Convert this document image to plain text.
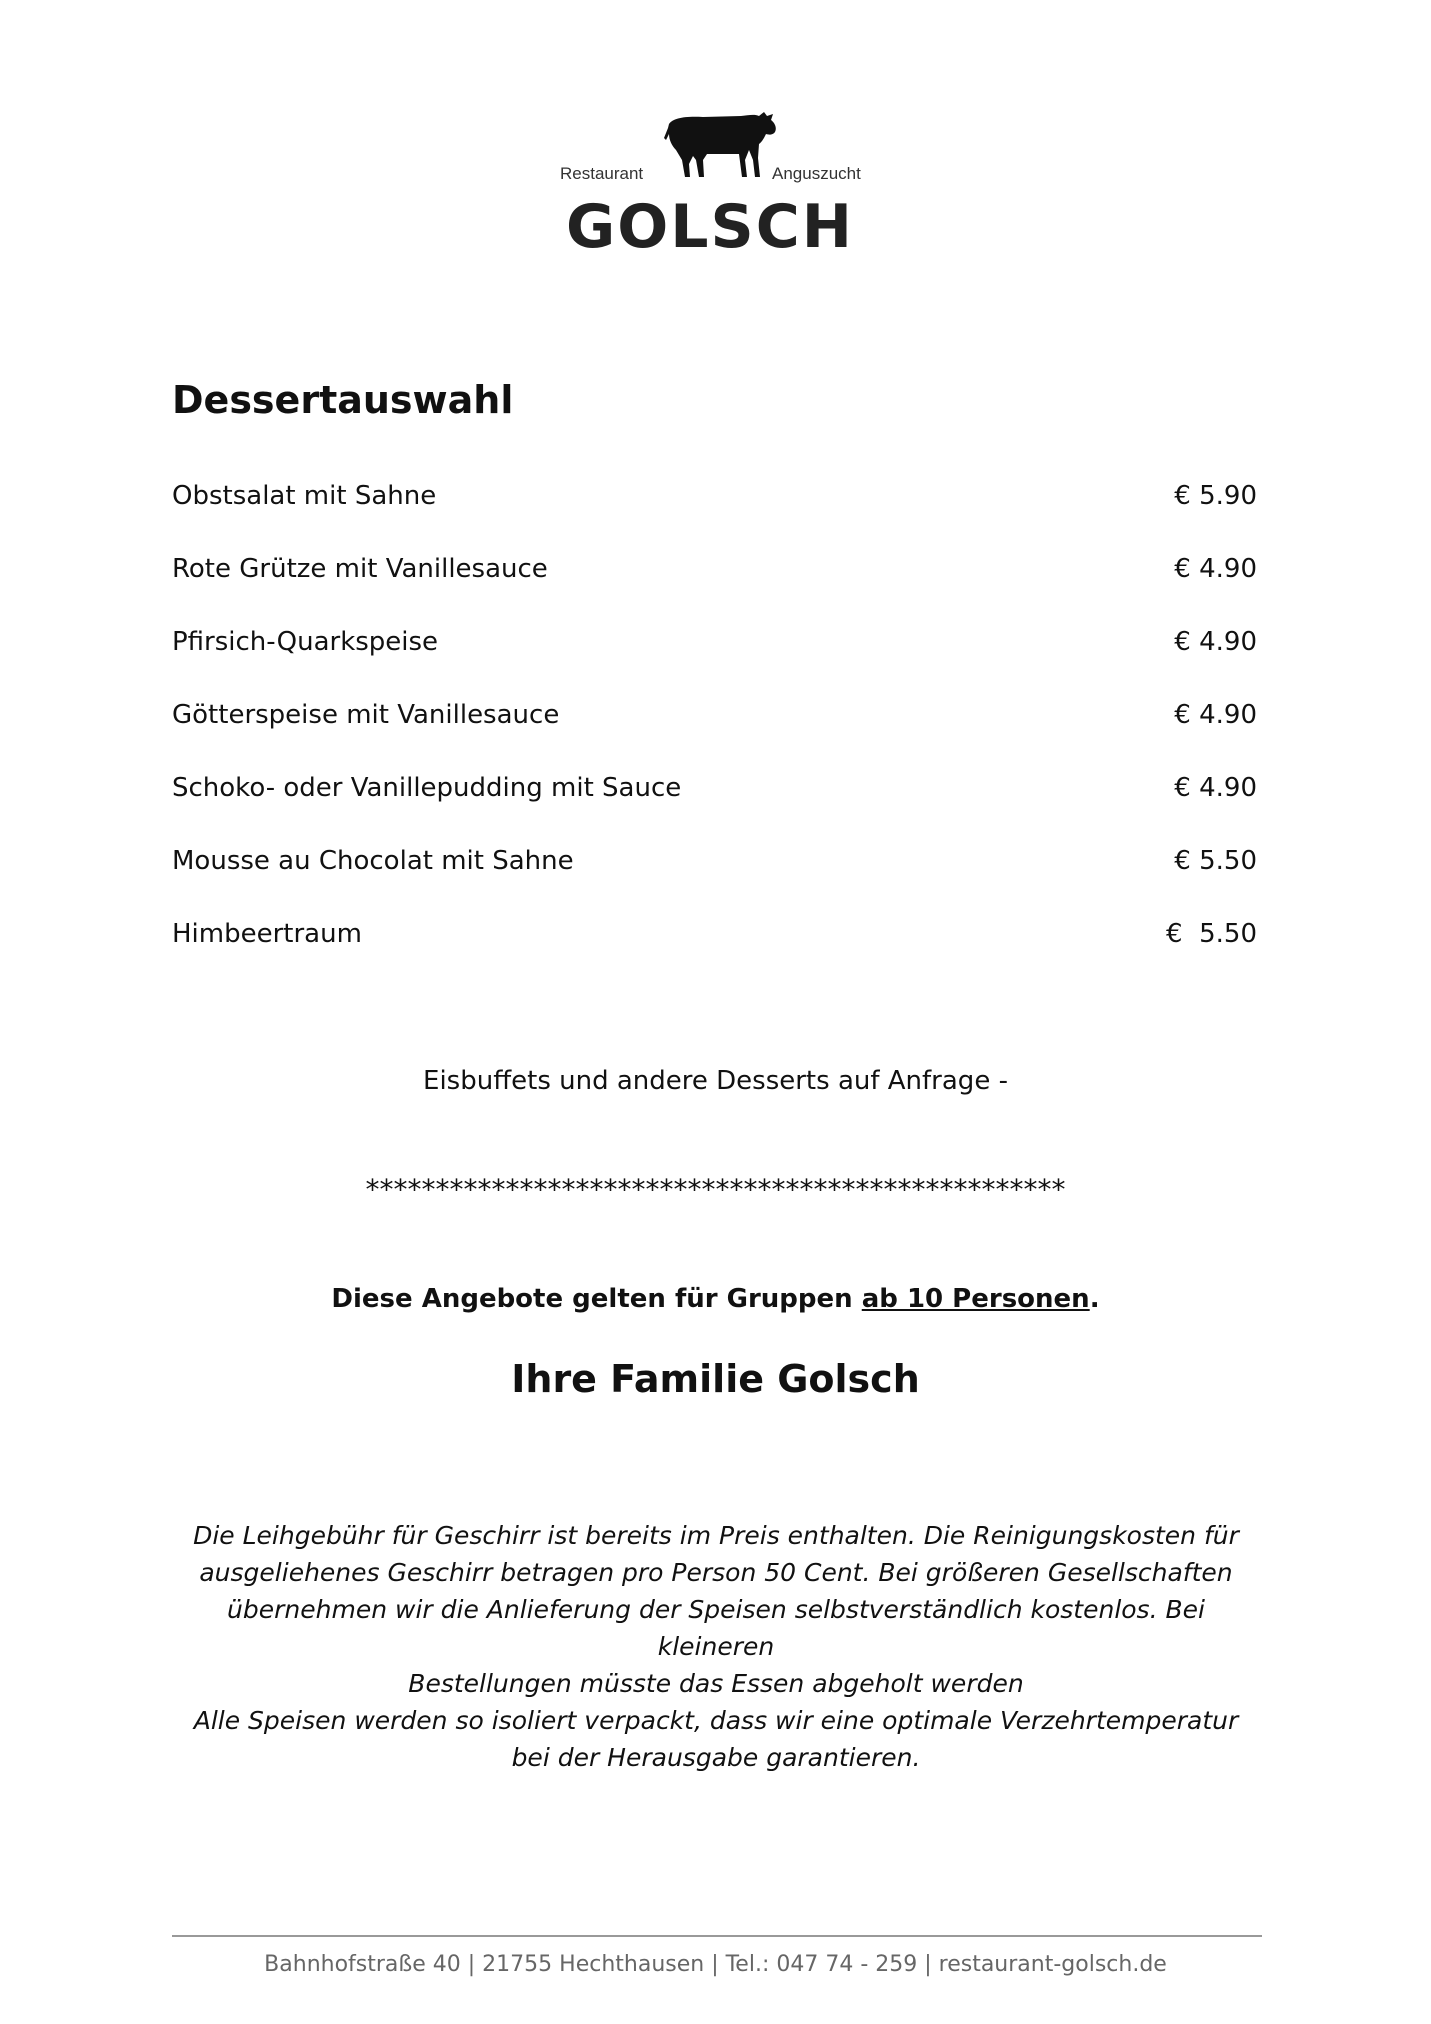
Restaurant	Anguszucht
GOLSCH
Dessertauswahl
Obstsalat mit Sahne	€ 5.90
Rote Grütze mit Vanillesauce	€ 4.90
Pfirsich-Quarkspeise	€ 4.90
Götterspeise mit Vanillesauce	€ 4.90
Schoko- oder Vanillepudding mit Sauce	€ 4.90
Mousse au Chocolat mit Sahne	€ 5.50
Himbeertraum	€  5.50
Eisbuffets und andere Desserts auf Anfrage -
**************************************************
Diese Angebote gelten für Gruppen ab 10 Personen.
Ihre Familie Golsch
Die Leihgebühr für Geschirr ist bereits im Preis enthalten. Die Reinigungskosten für
ausgeliehenes Geschirr betragen pro Person 50 Cent. Bei größeren Gesellschaften
übernehmen wir die Anlieferung der Speisen selbstverständlich kostenlos. Bei kleineren
Bestellungen müsste das Essen abgeholt werden
Alle Speisen werden so isoliert verpackt, dass wir eine optimale Verzehrtemperatur
bei der Herausgabe garantieren.
Bahnhofstraße 40 | 21755 Hechthausen | Tel.: 047 74 - 259 | restaurant-golsch.de
